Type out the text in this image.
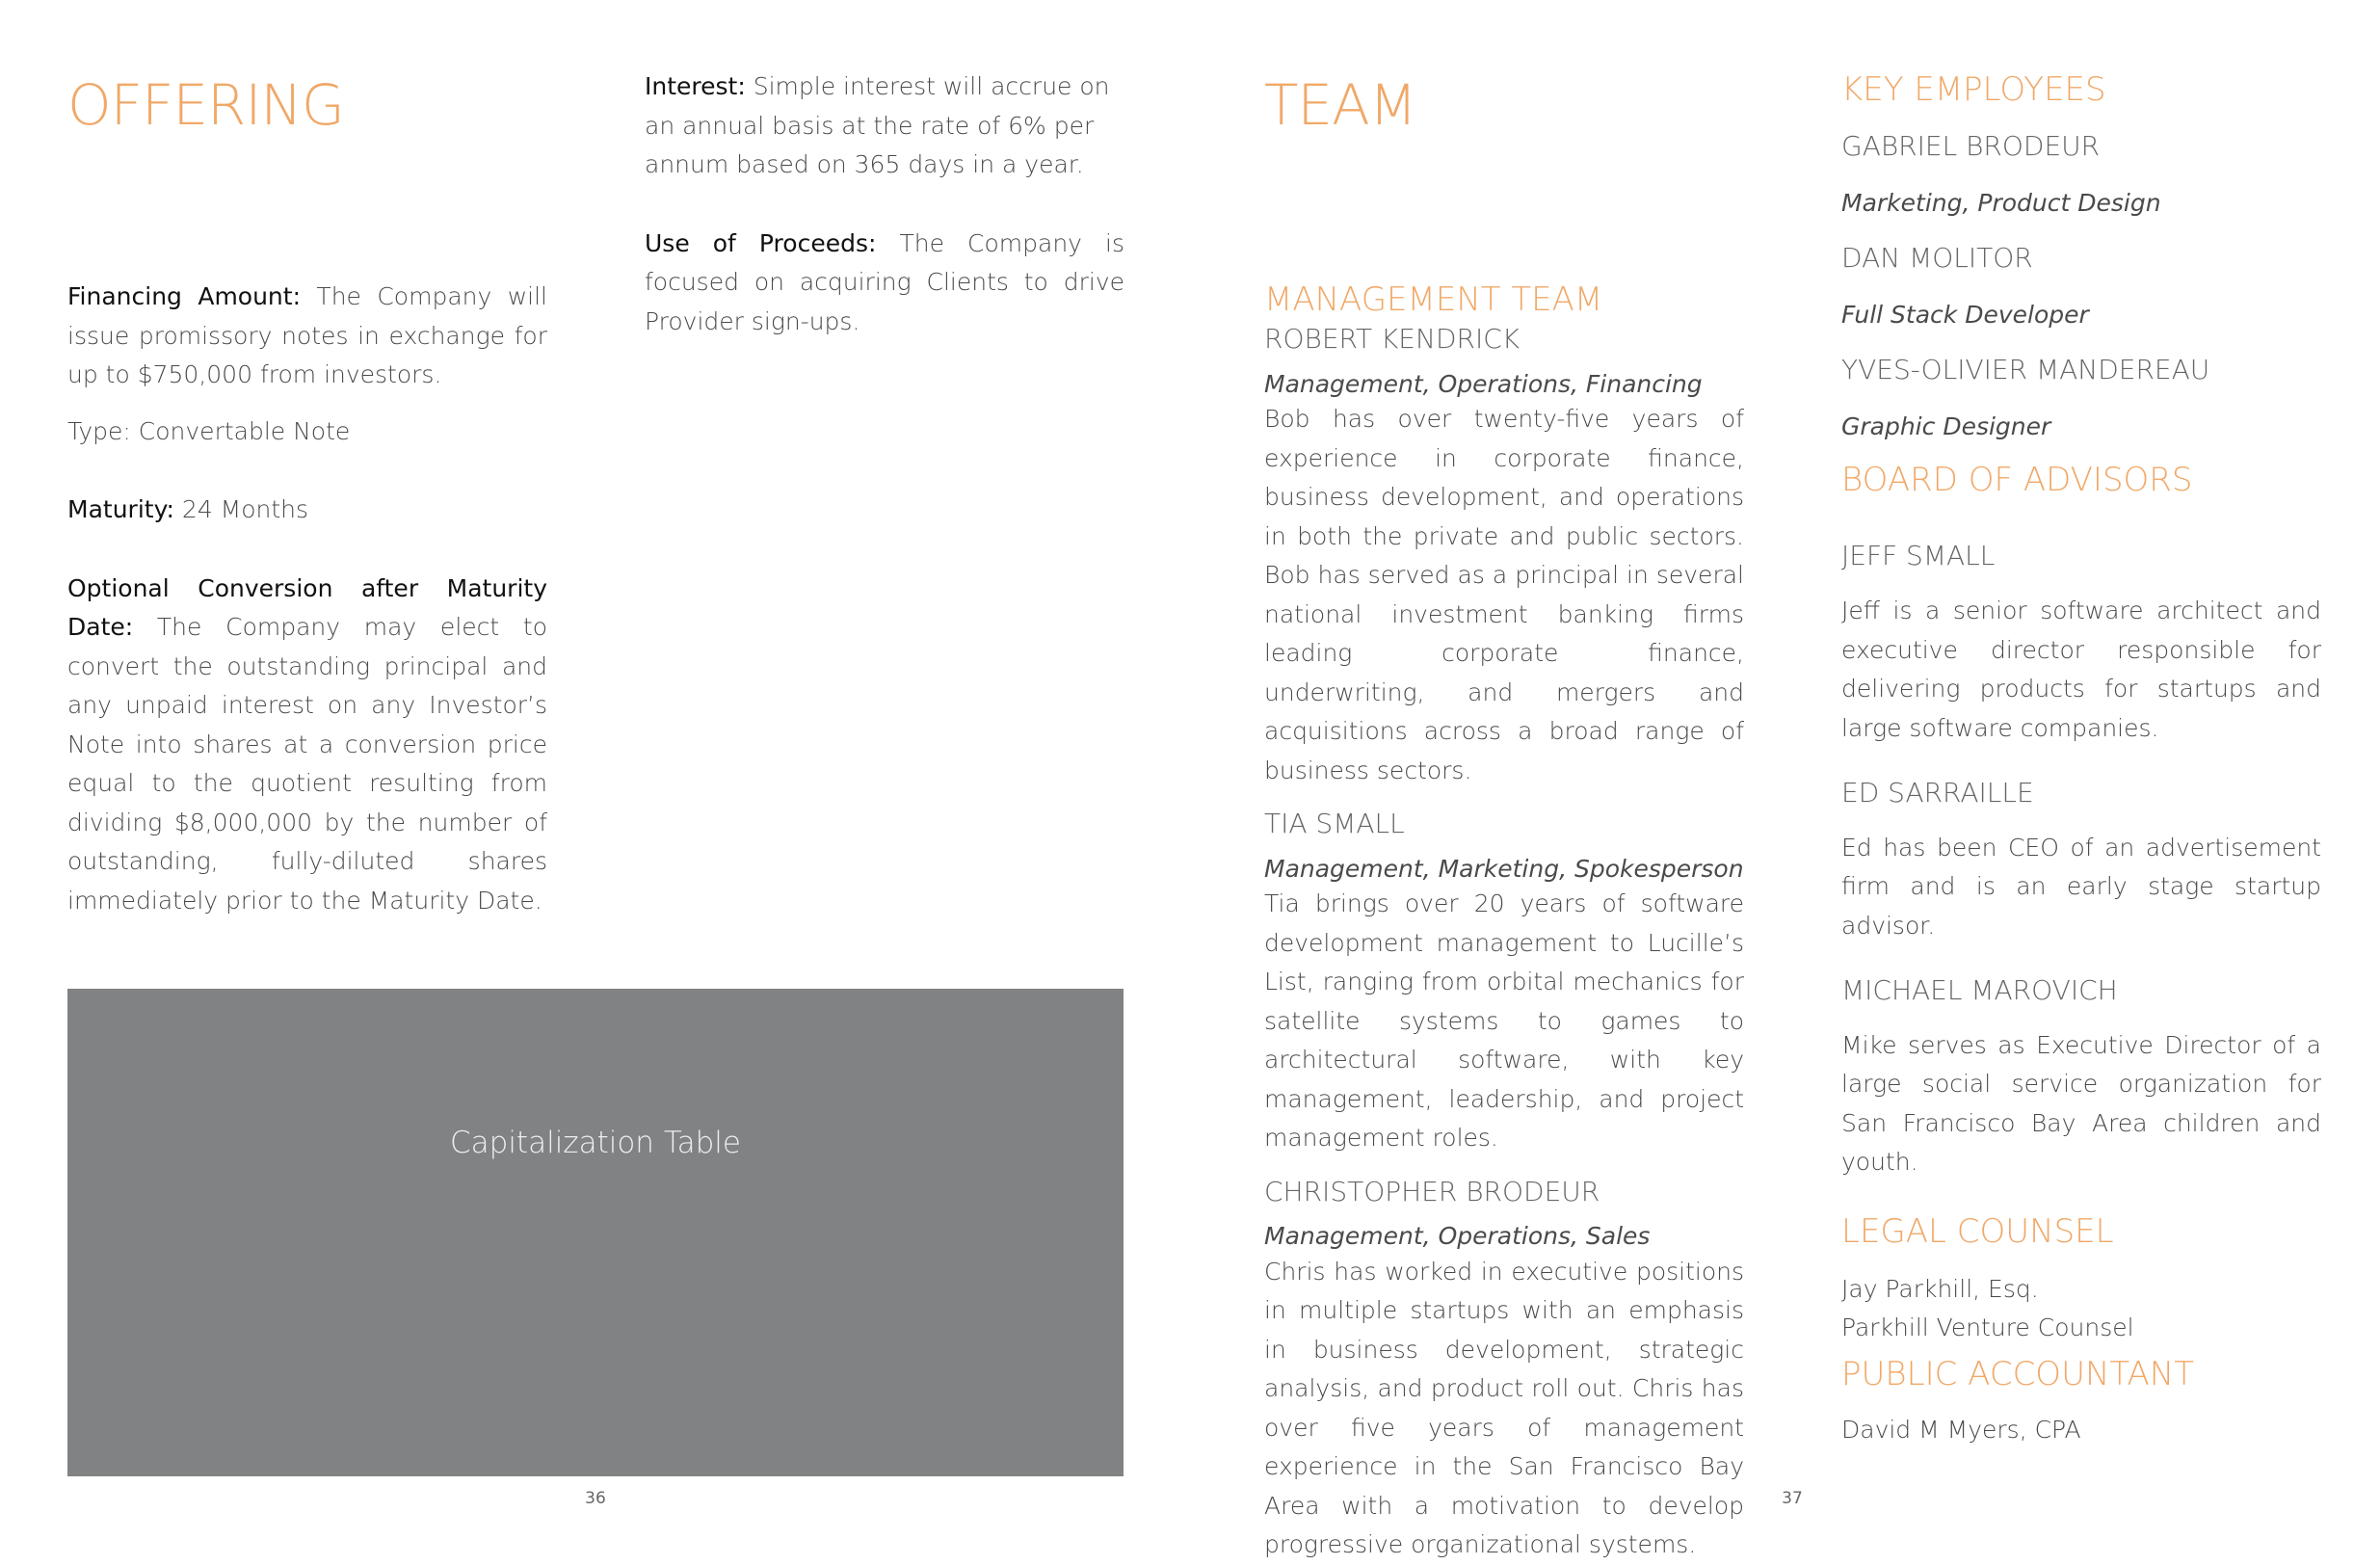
OFFERING

Financing Amount: The Company will issue promissory notes in exchange for up to $750,000 from investors.

Type: Convertable Note

Maturity: 24 Months

Optional Conversion after Maturity Date: The Company may elect to convert the outstanding principal and any unpaid interest on any Investor’s Note into shares at a conversion price equal to the quotient resulting from dividing $8,000,000 by the number of outstanding, fully-diluted shares immediately prior to the Maturity Date.

Interest: Simple interest will accrue on an annual basis at the rate of 6% per annum based on 365 days in a year.

Use of Proceeds: The Company is focused on acquiring Clients to drive Provider sign-ups.

Capitalization Table
36
TEAM
MANAGEMENT TEAM
ROBERT KENDRICK
Management, Operations, Financing

Bob has over twenty-five years of experience in corporate finance, business development, and operations in both the private and public sectors. Bob has served as a principal in several national investment banking firms leading corporate finance, underwriting, and mergers and acquisitions across a broad range of business sectors.

TIA SMALL
Management, Marketing, Spokesperson

Tia brings over 20 years of software development management to Lucille’s List, ranging from orbital mechanics for satellite systems to games to architectural software, with key management, leadership, and project management roles.

CHRISTOPHER BRODEUR
Management, Operations, Sales

Chris has worked in executive positions in multiple startups with an emphasis in business development, strategic analysis, and product roll out. Chris has over five years of management experience in the San Francisco Bay Area with a motivation to develop progressive organizational systems.

KEY EMPLOYEES
GABRIEL BRODEUR
Marketing, Product Design
DAN MOLITOR
Full Stack Developer
YVES-OLIVIER MANDEREAU
Graphic Designer
BOARD OF ADVISORS
JEFF SMALL

Jeff is a senior software architect and executive director responsible for delivering products for startups and large software companies.

ED SARRAILLE

Ed has been CEO of an advertisement firm and is an early stage startup advisor.

MICHAEL MAROVICH

Mike serves as Executive Director of a large social service organization for San Francisco Bay Area children and youth.

LEGAL COUNSEL

Jay Parkhill, Esq.

Parkhill Venture Counsel

PUBLIC ACCOUNTANT

David M Myers, CPA

37
